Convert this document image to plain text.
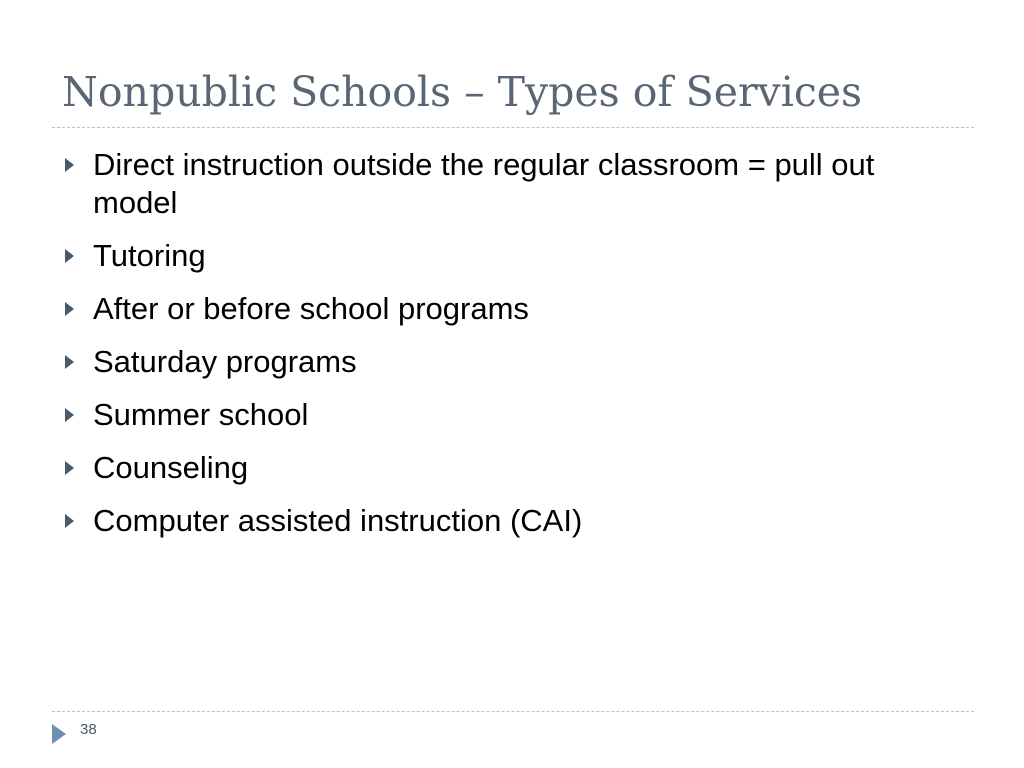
Nonpublic Schools – Types of Services
Direct instruction outside the regular classroom = pull out model
Tutoring
After or before school programs
Saturday programs
Summer school
Counseling
Computer assisted instruction (CAI)
38
